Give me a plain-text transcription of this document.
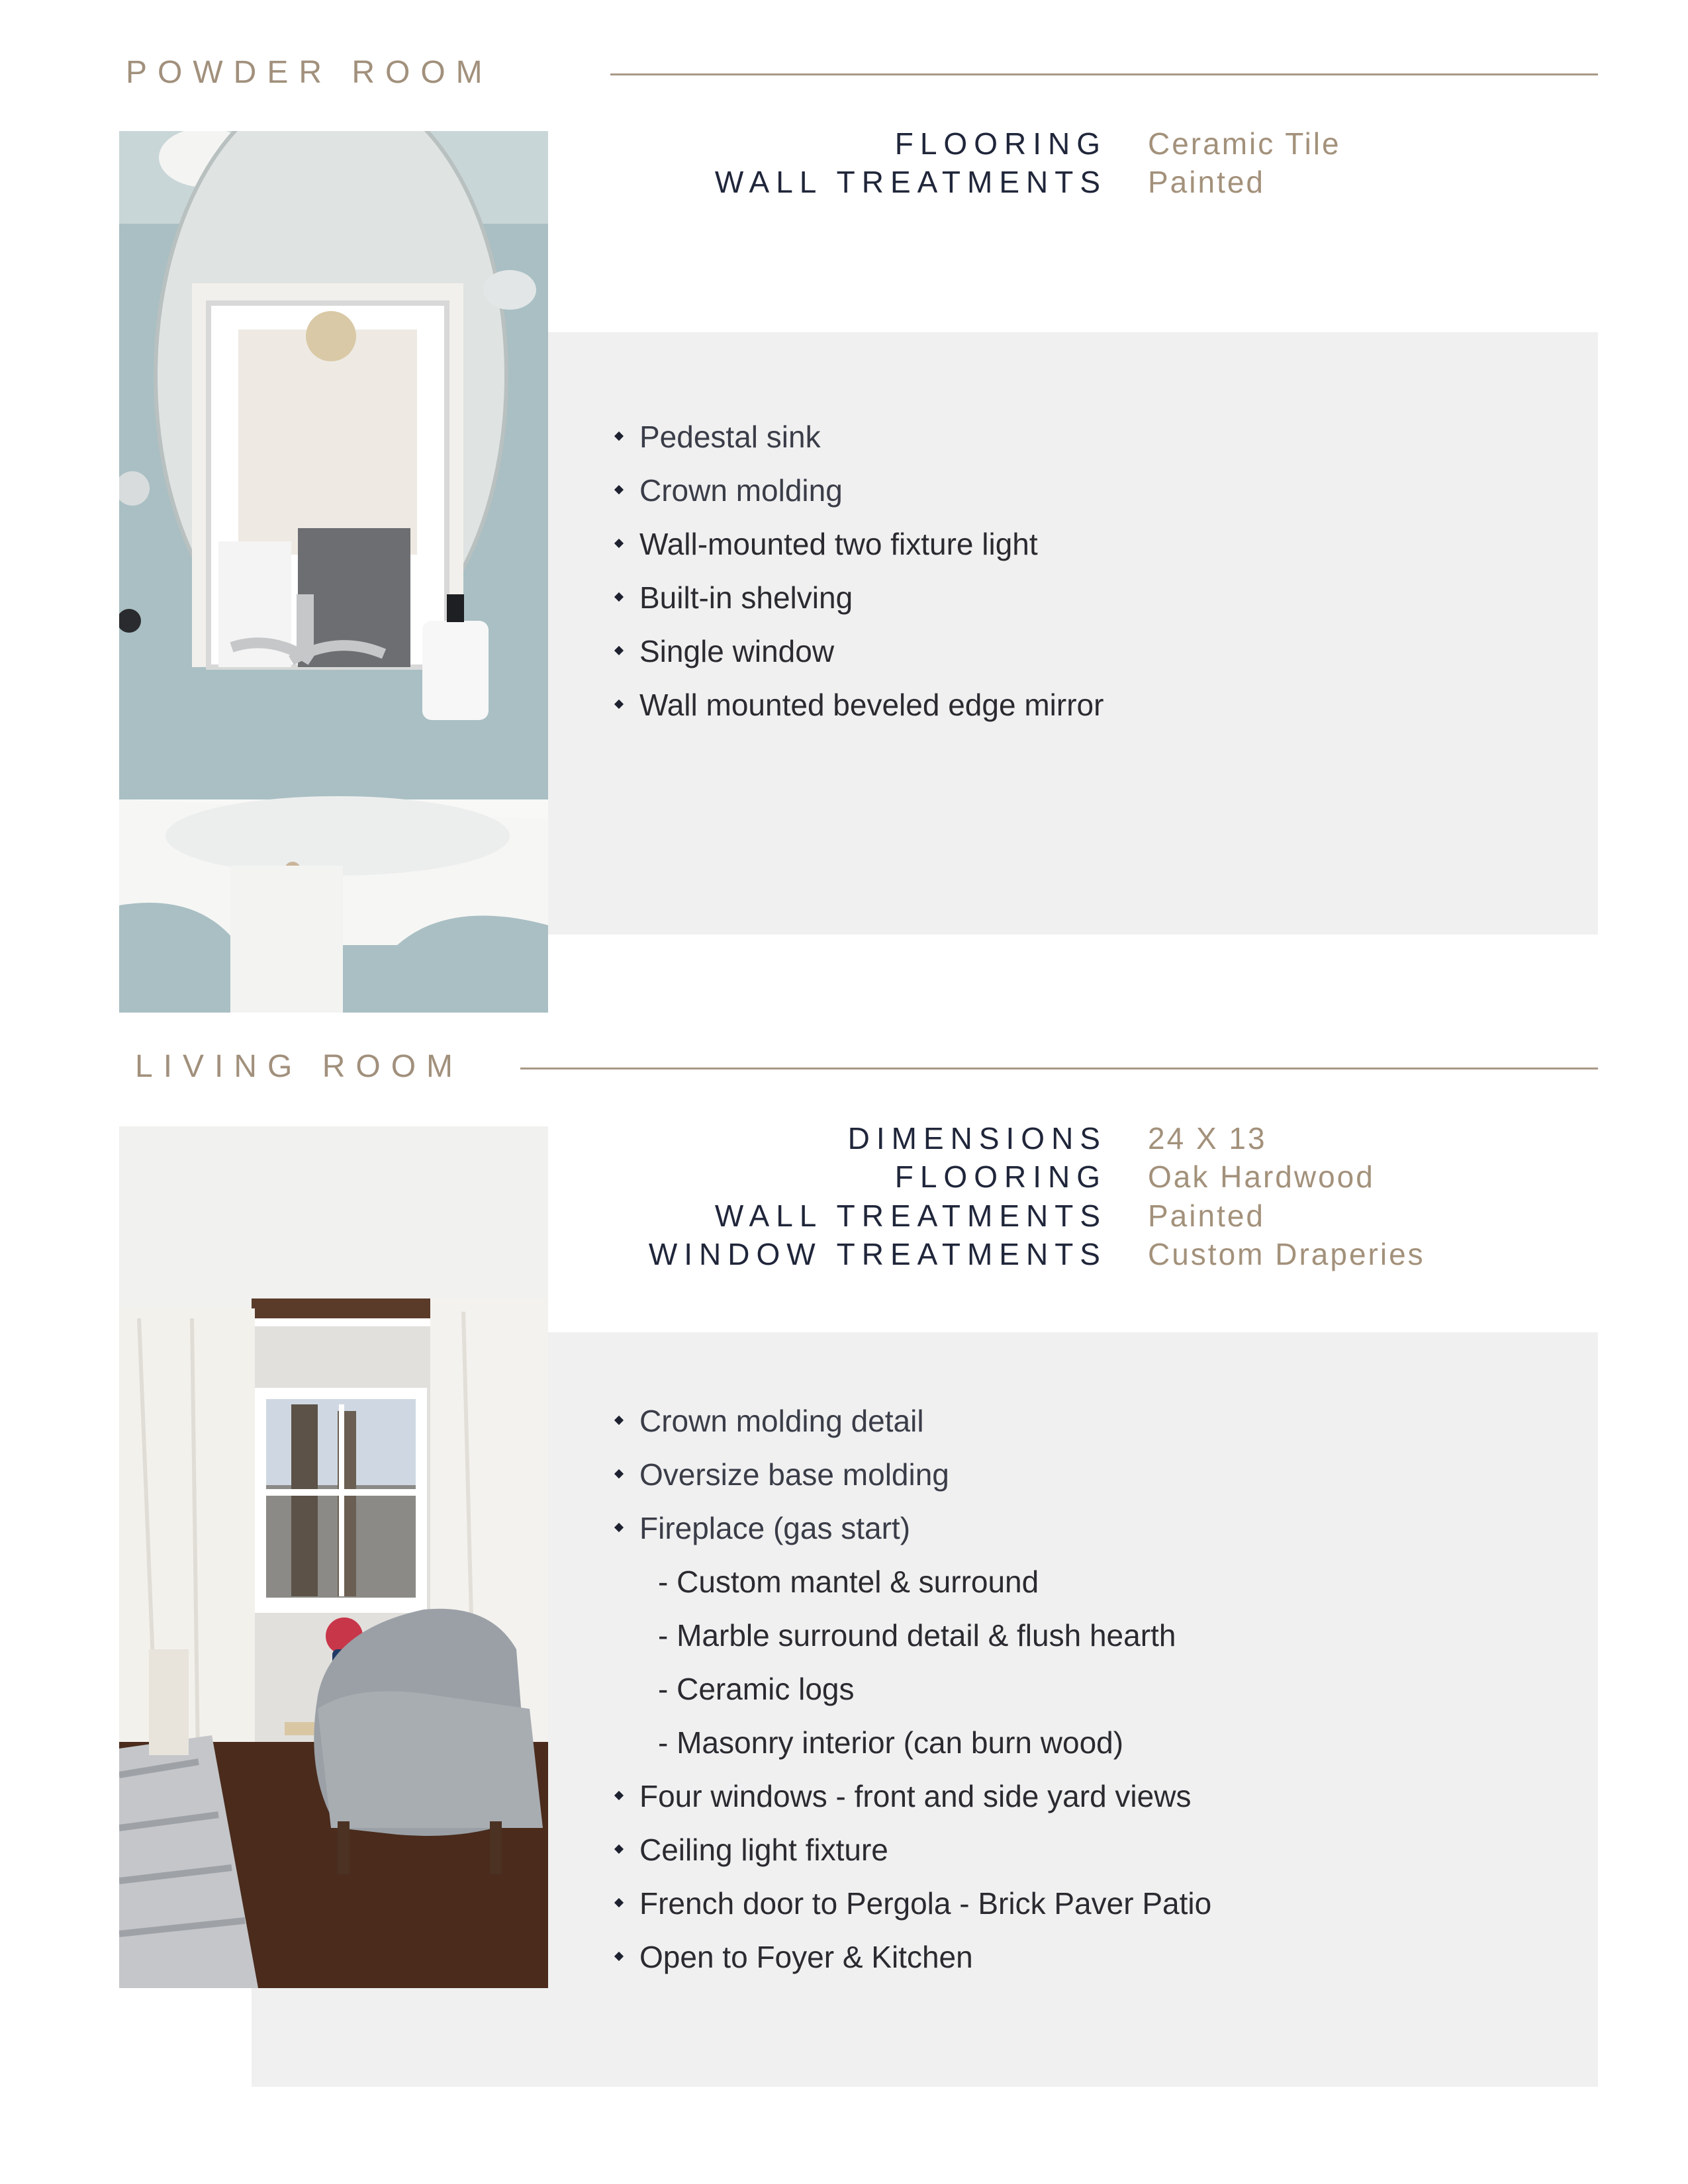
POWDER ROOM
FLOORING Ceramic Tile
WALL TREATMENTS Painted
Pedestal sink
Crown molding
Wall-mounted two fixture light
Built-in shelving
Single window
Wall mounted beveled edge mirror
LIVING ROOM
DIMENSIONS 24 X 13
FLOORING Oak Hardwood
WALL TREATMENTS Painted
WINDOW TREATMENTS Custom Draperies
Crown molding detail
Oversize base molding
Fireplace (gas start)
- Custom mantel & surround
- Marble surround detail & flush hearth
- Ceramic logs
- Masonry interior (can burn wood)
Four windows - front and side yard views
Ceiling light fixture
French door to Pergola - Brick Paver Patio
Open to Foyer & Kitchen
